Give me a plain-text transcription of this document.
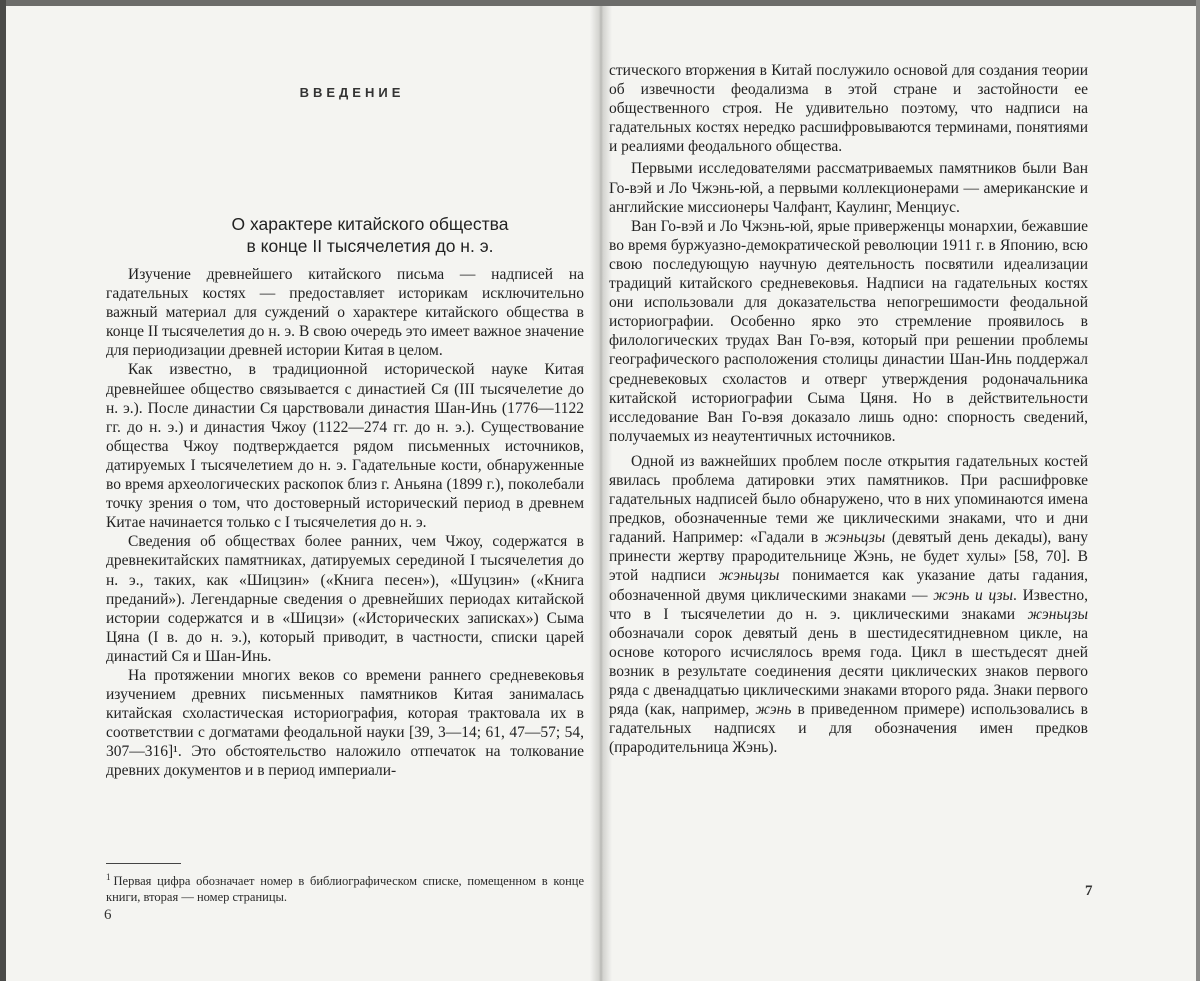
ВВЕДЕНИЕ
О характере китайского общества
в конце II тысячелетия до н. э.

Изучение древнейшего китайского письма — надписей на гадательных костях — предоставляет историкам исключительно важный материал для суждений о характере китайского общества в конце II тысячелетия до н. э. В свою очередь это имеет важное значение для периодизации древней истории Китая в целом.

Как известно, в традиционной исторической науке Китая древнейшее общество связывается с династией Ся (III тысячелетие до н. э.). После династии Ся царствовали династия Шан-Инь (1776—1122 гг. до н. э.) и династия Чжоу (1122—274 гг. до н. э.). Существование общества Чжоу подтверждается рядом письменных источников, датируемых I тысячелетием до н. э. Гадательные кости, обнаруженные во время археологических раскопок близ г. Аньяна (1899 г.), поколебали точку зрения о том, что достоверный исторический период в древнем Китае начинается только с I тысячелетия до н. э.

Сведения об обществах более ранних, чем Чжоу, содержатся в древнекитайских памятниках, датируемых серединой I тысячелетия до н. э., таких, как «Шицзин» («Книга песен»), «Шуцзин» («Книга преданий»). Легендарные сведения о древнейших периодах китайской истории содержатся и в «Шицзи» («Исторических записках») Сыма Цяна (I в. до н. э.), который приводит, в частности, списки царей династий Ся и Шан-Инь.

На протяжении многих веков со времени раннего средневековья изучением древних письменных памятников Китая занималась китайская схоластическая историография, которая трактовала их в соответствии с догматами феодальной науки [39, 3—14; 61, 47—57; 54, 307—316]¹. Это обстоятельство наложило отпечаток на толкование древних документов и в период империали-

$^1$ Первая цифра обозначает номер в библиографическом списке, помещенном в конце книги, вторая — номер страницы.
6

стического вторжения в Китай послужило основой для создания теории об извечности феодализма в этой стране и застойности ее общественного строя. Не удивительно поэтому, что надписи на гадательных костях нередко расшифровываются терминами, понятиями и реалиями феодального общества.

Первыми исследователями рассматриваемых памятников были Ван Го-вэй и Ло Чжэнь-юй, а первыми коллекционерами — американские и английские миссионеры Чалфант, Каулинг, Менциус.

Ван Го-вэй и Ло Чжэнь-юй, ярые приверженцы монархии, бежавшие во время буржуазно-демократической революции 1911 г. в Японию, всю свою последующую научную деятельность посвятили идеализации традиций китайского средневековья. Надписи на гадательных костях они использовали для доказательства непогрешимости феодальной историографии. Особенно ярко это стремление проявилось в филологических трудах Ван Го-вэя, который при решении проблемы географического расположения столицы династии Шан-Инь поддержал средневековых схоластов и отверг утверждения родоначальника китайской историографии Сыма Цяня. Но в действительности исследование Ван Го-вэя доказало лишь одно: спорность сведений, получаемых из неаутентичных источников.

Одной из важнейших проблем после открытия гадательных костей явилась проблема датировки этих памятников. При расшифровке гадательных надписей было обнаружено, что в них упоминаются имена предков, обозначенные теми же циклическими знаками, что и дни гаданий. Например: «Гадали в жэньцзы (девятый день декады), вану принести жертву прародительнице Жэнь, не будет хулы» [58, 70]. В этой надписи жэньцзы понимается как указание даты гадания, обозначенной двумя циклическими знаками — жэнь и цзы. Известно, что в I тысячелетии до н. э. циклическими знаками жэньцзы обозначали сорок девятый день в шестидесятидневном цикле, на основе которого исчислялось время года. Цикл в шестьдесят дней возник в результате соединения десяти циклических знаков первого ряда с двенадцатью циклическими знаками второго ряда. Знаки первого ряда (как, например, жэнь в приведенном примере) использовались в гадательных надписях и для обозначения имен предков (прародительница Жэнь).

7
